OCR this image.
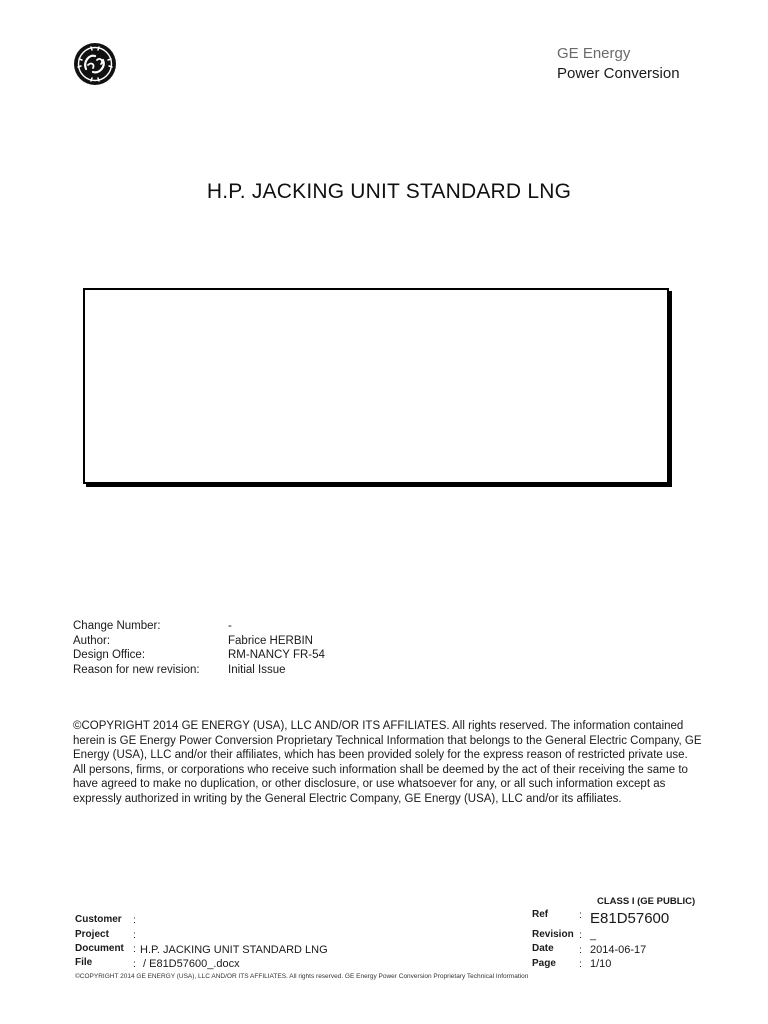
GE Energy
Power Conversion
H.P. JACKING UNIT STANDARD LNG
Change Number:	-
Author:	Fabrice HERBIN
Design Office:	RM-NANCY FR-54
Reason for new revision:	Initial Issue
©COPYRIGHT 2014 GE ENERGY (USA), LLC AND/OR ITS AFFILIATES. All rights reserved. The information contained herein is GE Energy Power Conversion Proprietary Technical Information that belongs to the General Electric Company, GE Energy (USA), LLC and/or their affiliates, which has been provided solely for the express reason of restricted private use. All persons, firms, or corporations who receive such information shall be deemed by the act of their receiving the same to have agreed to make no duplication, or other disclosure, or use whatsoever for any, or all such information except as expressly authorized in writing by the General Electric Company, GE Energy (USA), LLC and/or its affiliates.
CLASS I (GE PUBLIC)
Customer :
Project :
Document : H.P. JACKING UNIT STANDARD LNG
File	: / E81D57600_.docx
Ref	: E81D57600
Revision : _
Date : 2014-06-17
Page : 1/10
©COPYRIGHT 2014 GE ENERGY (USA), LLC AND/OR ITS AFFILIATES. All rights reserved. GE Energy Power Conversion Proprietary Technical Information
